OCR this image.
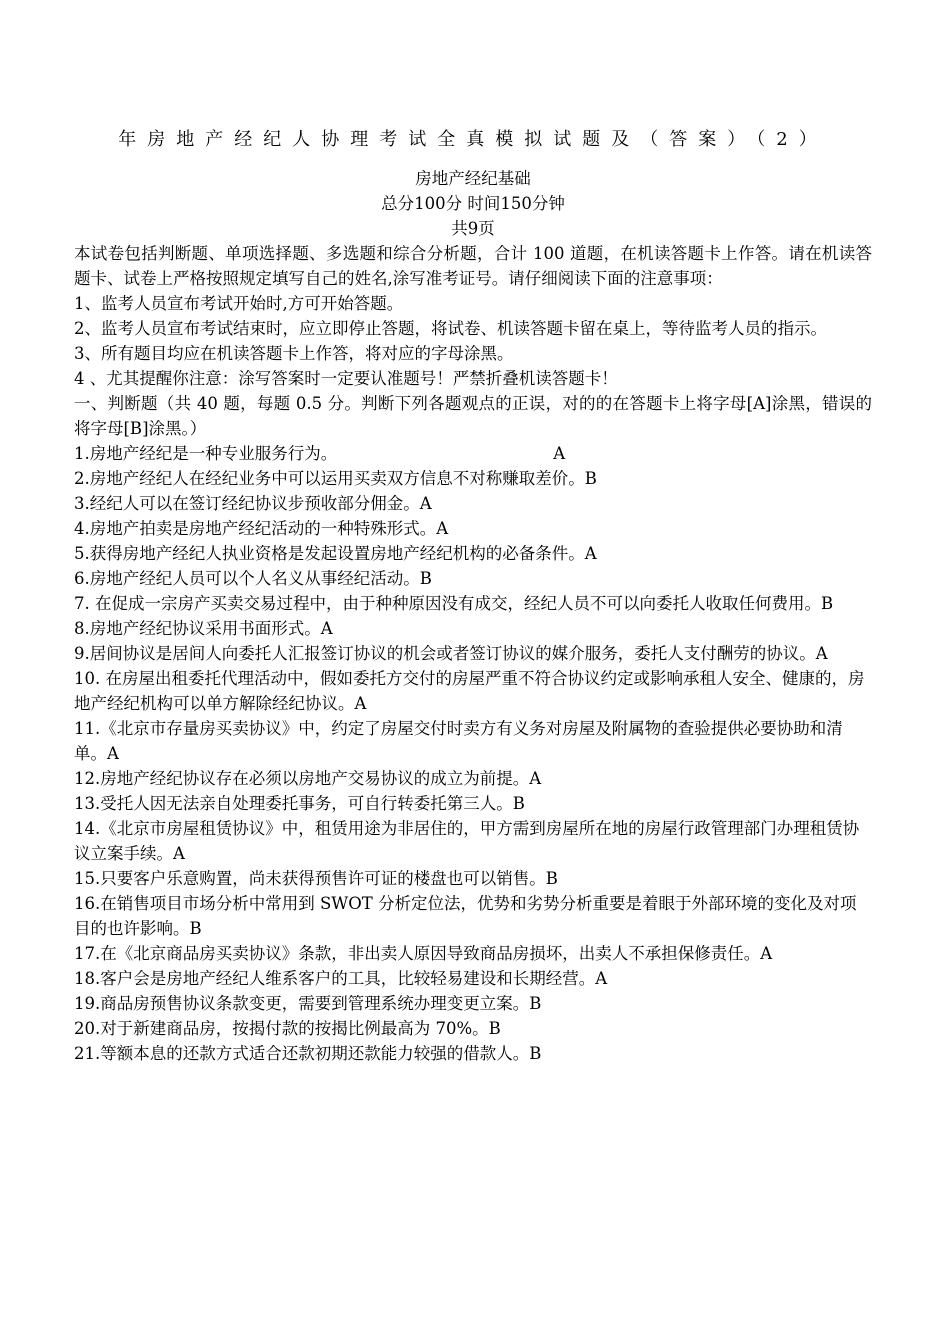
年房地产经纪人协理考试全真模拟试题及（答案）（2）
房地产经纪基础
总分100分 时间150分钟
共9页

本试卷包括判断题、单项选择题、多选题和综合分析题，合计 100 道题，在机读答题卡上作答。请在机读答题卡、试卷上严格按照规定填写自己的姓名,涂写准考证号。请仔细阅读下面的注意事项：

1、监考人员宣布考试开始时,方可开始答题。

2、监考人员宣布考试结束时，应立即停止答题，将试卷、机读答题卡留在桌上，等待监考人员的指示。

3、所有题目均应在机读答题卡上作答，将对应的字母涂黑。

4 、尤其提醒你注意：涂写答案时一定要认准题号！严禁折叠机读答题卡！

一、判断题（共 40 题，每题 0.5 分。判断下列各题观点的正误，对的的在答题卡上将字母[A]涂黑，错误的将字母[B]涂黑。）

1.房地产经纪是一种专业服务行为。	A

2.房地产经纪人在经纪业务中可以运用买卖双方信息不对称赚取差价。B

3.经纪人可以在签订经纪协议步预收部分佣金。A

4.房地产拍卖是房地产经纪活动的一种特殊形式。A

5.获得房地产经纪人执业资格是发起设置房地产经纪机构的必备条件。A

6.房地产经纪人员可以个人名义从事经纪活动。B

7. 在促成一宗房产买卖交易过程中，由于种种原因没有成交，经纪人员不可以向委托人收取任何费用。B

8.房地产经纪协议采用书面形式。A

9.居间协议是居间人向委托人汇报签订协议的机会或者签订协议的媒介服务，委托人支付酬劳的协议。A

10. 在房屋出租委托代理活动中，假如委托方交付的房屋严重不符合协议约定或影响承租人安全、健康的，房地产经纪机构可以单方解除经纪协议。A

11.《北京市存量房买卖协议》中，约定了房屋交付时卖方有义务对房屋及附属物的查验提供必要协助和清单。A

12.房地产经纪协议存在必须以房地产交易协议的成立为前提。A

13.受托人因无法亲自处理委托事务，可自行转委托第三人。B

14.《北京市房屋租赁协议》中，租赁用途为非居住的，甲方需到房屋所在地的房屋行政管理部门办理租赁协议立案手续。A

15.只要客户乐意购置，尚未获得预售许可证的楼盘也可以销售。B

16.在销售项目市场分析中常用到 SWOT 分析定位法，优势和劣势分析重要是着眼于外部环境的变化及对项目的也许影响。B

17.在《北京商品房买卖协议》条款，非出卖人原因导致商品房损坏，出卖人不承担保修责任。A

18.客户会是房地产经纪人维系客户的工具，比较轻易建设和长期经营。A

19.商品房预售协议条款变更，需要到管理系统办理变更立案。B

20.对于新建商品房，按揭付款的按揭比例最高为 70%。B

21.等额本息的还款方式适合还款初期还款能力较强的借款人。B
